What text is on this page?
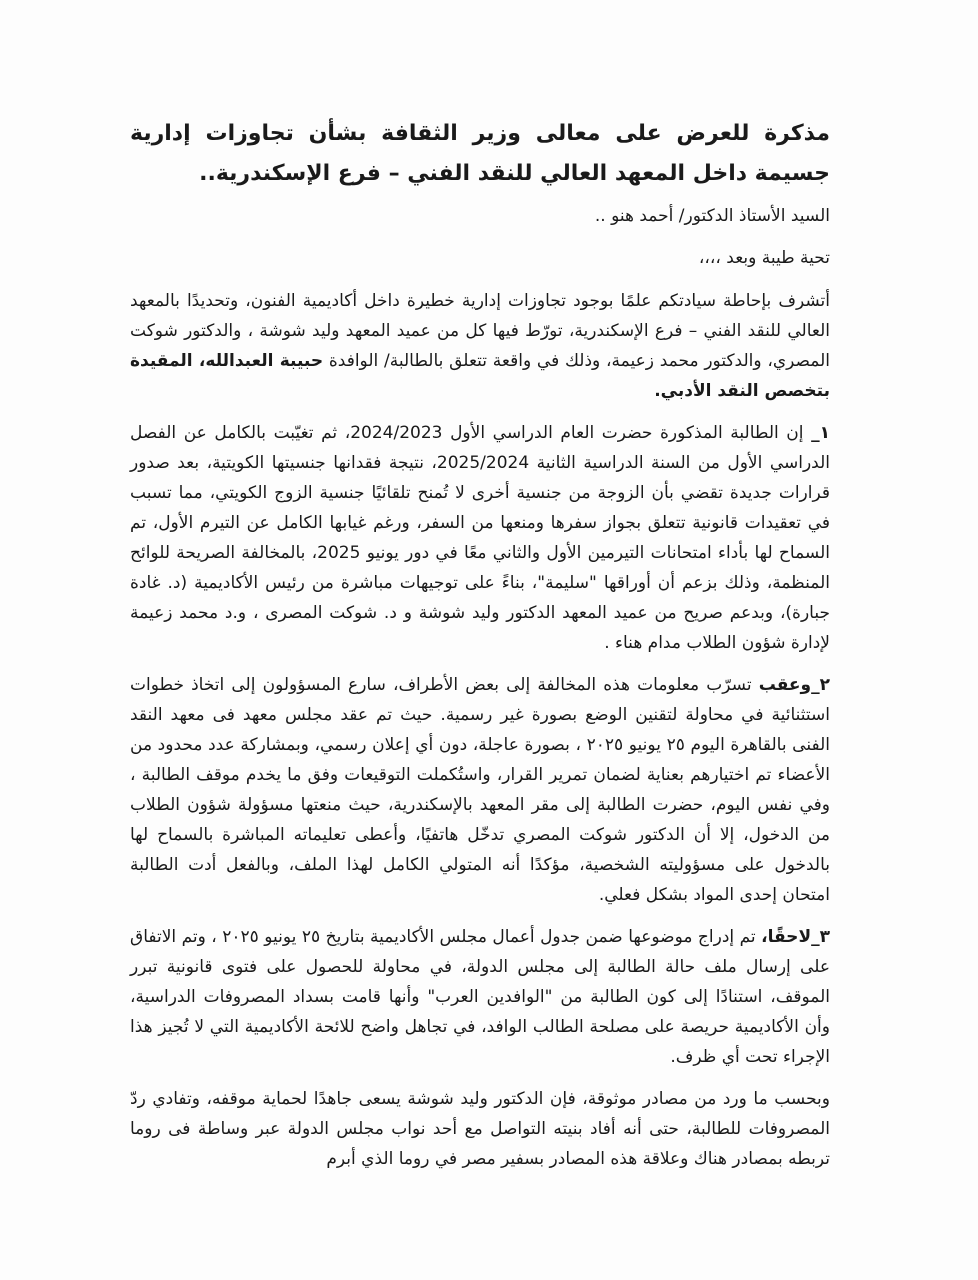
مذكرة للعرض على معالى وزير الثقافة بشأن تجاوزات إدارية جسيمة داخل المعهد العالي للنقد الفني – فرع الإسكندرية..

السيد الأستاذ الدكتور/ أحمد هنو ..

تحية طيبة وبعد ،،،،

أتشرف بإحاطة سيادتكم علمًا بوجود تجاوزات إدارية خطيرة داخل أكاديمية الفنون، وتحديدًا بالمعهد العالي للنقد الفني – فرع الإسكندرية، تورّط فيها كل من عميد المعهد وليد شوشة ، والدكتور شوكت المصري، والدكتور محمد زعيمة، وذلك في واقعة تتعلق بالطالبة/ الوافدة حبيبة العبدالله، المقيدة بتخصص النقد الأدبي.

١_ إن الطالبة المذكورة حضرت العام الدراسي الأول 2024/2023، ثم تغيّبت بالكامل عن الفصل الدراسي الأول من السنة الدراسية الثانية 2025/2024، نتيجة فقدانها جنسيتها الكويتية، بعد صدور قرارات جديدة تقضي بأن الزوجة من جنسية أخرى لا تُمنح تلقائيًا جنسية الزوج الكويتي، مما تسبب في تعقيدات قانونية تتعلق بجواز سفرها ومنعها من السفر، ورغم غيابها الكامل عن التيرم الأول، تم السماح لها بأداء امتحانات التيرمين الأول والثاني معًا في دور يونيو 2025، بالمخالفة الصريحة للوائح المنظمة، وذلك بزعم أن أوراقها "سليمة"، بناءً على توجيهات مباشرة من رئيس الأكاديمية (د. غادة جبارة)، وبدعم صريح من عميد المعهد الدكتور وليد شوشة و د. شوكت المصرى ، و.د محمد زعيمة لإدارة شؤون الطلاب مدام هناء .

٢_وعقب تسرّب معلومات هذه المخالفة إلى بعض الأطراف، سارع المسؤولون إلى اتخاذ خطوات استثنائية في محاولة لتقنين الوضع بصورة غير رسمية. حيث تم عقد مجلس معهد فى معهد النقد الفنى بالقاهرة اليوم ٢٥ يونيو ٢٠٢٥ ، بصورة عاجلة، دون أي إعلان رسمي، وبمشاركة عدد محدود من الأعضاء تم اختيارهم بعناية لضمان تمرير القرار، واستُكملت التوقيعات وفق ما يخدم موقف الطالبة ، وفي نفس اليوم، حضرت الطالبة إلى مقر المعهد بالإسكندرية، حيث منعتها مسؤولة شؤون الطلاب من الدخول، إلا أن الدكتور شوكت المصري تدخّل هاتفيًا، وأعطى تعليماته المباشرة بالسماح لها بالدخول على مسؤوليته الشخصية، مؤكدًا أنه المتولي الكامل لهذا الملف، وبالفعل أدت الطالبة امتحان إحدى المواد بشكل فعلي.

٣_لاحقًا، تم إدراج موضوعها ضمن جدول أعمال مجلس الأكاديمية بتاريخ ٢٥ يونيو ٢٠٢٥ ، وتم الاتفاق على إرسال ملف حالة الطالبة إلى مجلس الدولة، في محاولة للحصول على فتوى قانونية تبرر الموقف، استنادًا إلى كون الطالبة من "الوافدين العرب" وأنها قامت بسداد المصروفات الدراسية، وأن الأكاديمية حريصة على مصلحة الطالب الوافد، في تجاهل واضح للائحة الأكاديمية التي لا تُجيز هذا الإجراء تحت أي ظرف.

وبحسب ما ورد من مصادر موثوقة، فإن الدكتور وليد شوشة يسعى جاهدًا لحماية موقفه، وتفادي ردّ المصروفات للطالبة، حتى أنه أفاد بنيته التواصل مع أحد نواب مجلس الدولة عبر وساطة فى روما تربطه بمصادر هناك وعلاقة هذه المصادر بسفير مصر في روما الذي أبرم
